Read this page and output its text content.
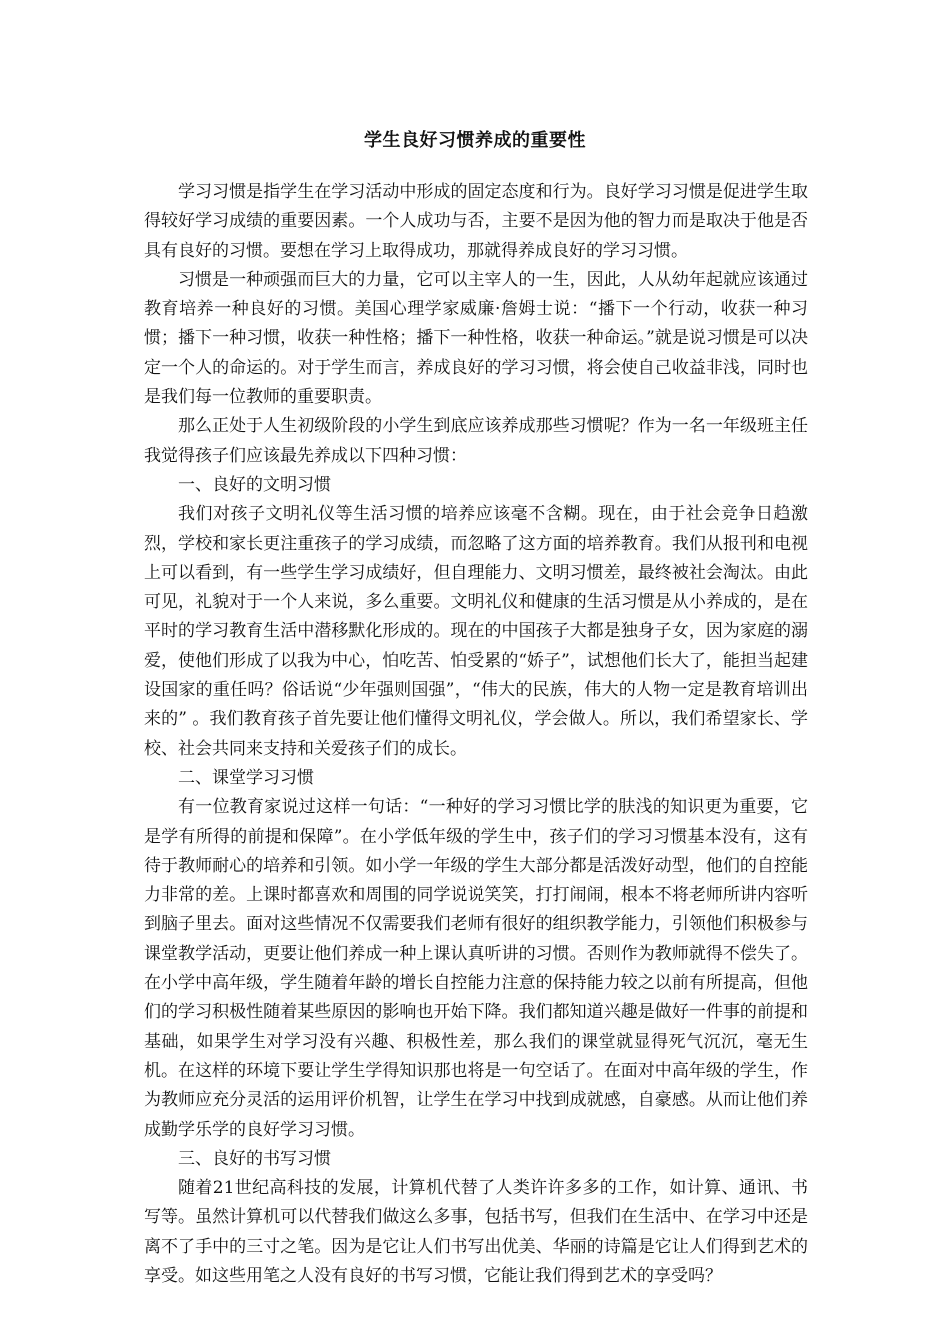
学生良好习惯养成的重要性

学习习惯是指学生在学习活动中形成的固定态度和行为。良好学习习惯是促进学生取得较好学习成绩的重要因素。一个人成功与否，主要不是因为他的智力而是取决于他是否具有良好的习惯。要想在学习上取得成功，那就得养成良好的学习习惯。

习惯是一种顽强而巨大的力量，它可以主宰人的一生，因此，人从幼年起就应该通过教育培养一种良好的习惯。美国心理学家威廉·詹姆士说：“播下一个行动，收获一种习惯；播下一种习惯，收获一种性格；播下一种性格，收获一种命运。”就是说习惯是可以决定一个人的命运的。对于学生而言，养成良好的学习习惯，将会使自己收益非浅，同时也是我们每一位教师的重要职责。

那么正处于人生初级阶段的小学生到底应该养成那些习惯呢？作为一名一年级班主任我觉得孩子们应该最先养成以下四种习惯：

一、良好的文明习惯

我们对孩子文明礼仪等生活习惯的培养应该毫不含糊。现在，由于社会竞争日趋激烈，学校和家长更注重孩子的学习成绩，而忽略了这方面的培养教育。我们从报刊和电视上可以看到，有一些学生学习成绩好，但自理能力、文明习惯差，最终被社会淘汰。由此可见，礼貌对于一个人来说，多么重要。文明礼仪和健康的生活习惯是从小养成的，是在平时的学习教育生活中潜移默化形成的。现在的中国孩子大都是独身子女，因为家庭的溺爱，使他们形成了以我为中心，怕吃苦、怕受累的“娇子”，试想他们长大了，能担当起建设国家的重任吗？俗话说“少年强则国强”，“伟大的民族，伟大的人物一定是教育培训出来的” 。我们教育孩子首先要让他们懂得文明礼仪，学会做人。所以，我们希望家长、学校、社会共同来支持和关爱孩子们的成长。

二、课堂学习习惯

有一位教育家说过这样一句话：“一种好的学习习惯比学的肤浅的知识更为重要，它是学有所得的前提和保障”。在小学低年级的学生中，孩子们的学习习惯基本没有，这有待于教师耐心的培养和引领。如小学一年级的学生大部分都是活泼好动型，他们的自控能力非常的差。上课时都喜欢和周围的同学说说笑笑，打打闹闹，根本不将老师所讲内容听到脑子里去。面对这些情况不仅需要我们老师有很好的组织教学能力，引领他们积极参与课堂教学活动，更要让他们养成一种上课认真听讲的习惯。否则作为教师就得不偿失了。在小学中高年级，学生随着年龄的增长自控能力注意的保持能力较之以前有所提高，但他们的学习积极性随着某些原因的影响也开始下降。我们都知道兴趣是做好一件事的前提和基础，如果学生对学习没有兴趣、积极性差，那么我们的课堂就显得死气沉沉，毫无生机。在这样的环境下要让学生学得知识那也将是一句空话了。在面对中高年级的学生，作为教师应充分灵活的运用评价机智，让学生在学习中找到成就感，自豪感。从而让他们养成勤学乐学的良好学习习惯。

三、良好的书写习惯

随着21世纪高科技的发展，计算机代替了人类许许多多的工作，如计算、通讯、书写等。虽然计算机可以代替我们做这么多事，包括书写，但我们在生活中、在学习中还是离不了手中的三寸之笔。因为是它让人们书写出优美、华丽的诗篇是它让人们得到艺术的享受。如这些用笔之人没有良好的书写习惯，它能让我们得到艺术的享受吗？
